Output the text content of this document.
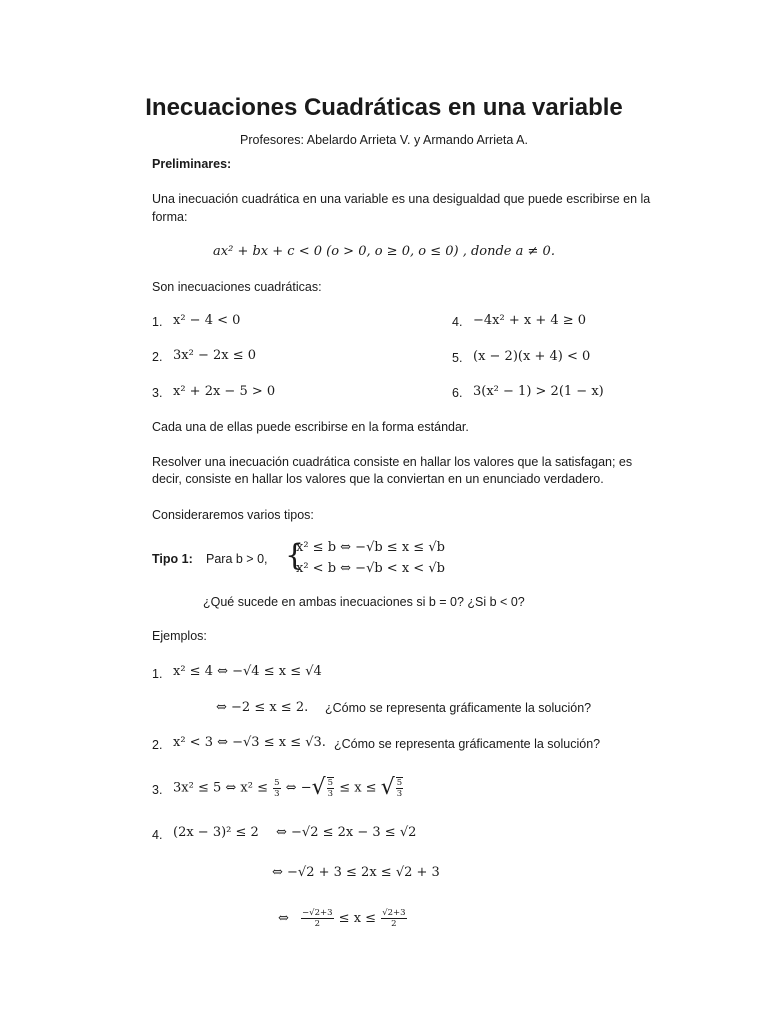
Inecuaciones Cuadráticas en una variable
Profesores: Abelardo Arrieta V. y Armando Arrieta A.
Preliminares:
Una inecuación cuadrática en una variable es una desigualdad que puede escribirse en la
forma:
ax² + bx + c < 0 (o > 0, o ≥ 0, o ≤ 0) , donde a ≠ 0.
Son inecuaciones cuadráticas:
1. x² − 4 < 0
2. 3x² − 2x ≤ 0
3. x² + 2x − 5 > 0
4. −4x² + x + 4 ≥ 0
5. (x − 2)(x + 4) < 0
6. 3(x² − 1) > 2(1 − x)
Cada una de ellas puede escribirse en la forma estándar.
Resolver una inecuación cuadrática consiste en hallar los valores que la satisfagan; es
decir, consiste en hallar los valores que la conviertan en un enunciado verdadero.
Consideraremos varios tipos:
Tipo 1: Para b > 0, {
x² ≤ b ⇔ −√b ≤ x ≤ √b
x² < b ⇔ −√b < x < √b
¿Qué sucede en ambas inecuaciones si b = 0? ¿Si b < 0?
Ejemplos:
1. x² ≤ 4 ⇔ −√4 ≤ x ≤ √4
⇔ −2 ≤ x ≤ 2. ¿Cómo se representa gráficamente la solución?
2. x² < 3 ⇔ −√3 ≤ x ≤ √3. ¿Cómo se representa gráficamente la solución?
3. 3x² ≤ 5 ⇔ $x^2 \le \frac{5}{3}$ ⇔ −√ $\frac{5}{3} \le x$ ≤ √ $\frac{5}{3}$
4. (2x − 3)² ≤ 2 ⇔ −√2 ≤ 2x − 3 ≤ √2
⇔ −√2 + 3 ≤ 2x ≤ √2 + 3
⇔ $\frac{-√2+3}{2} \le x \le \frac{√2+3}{2}$
